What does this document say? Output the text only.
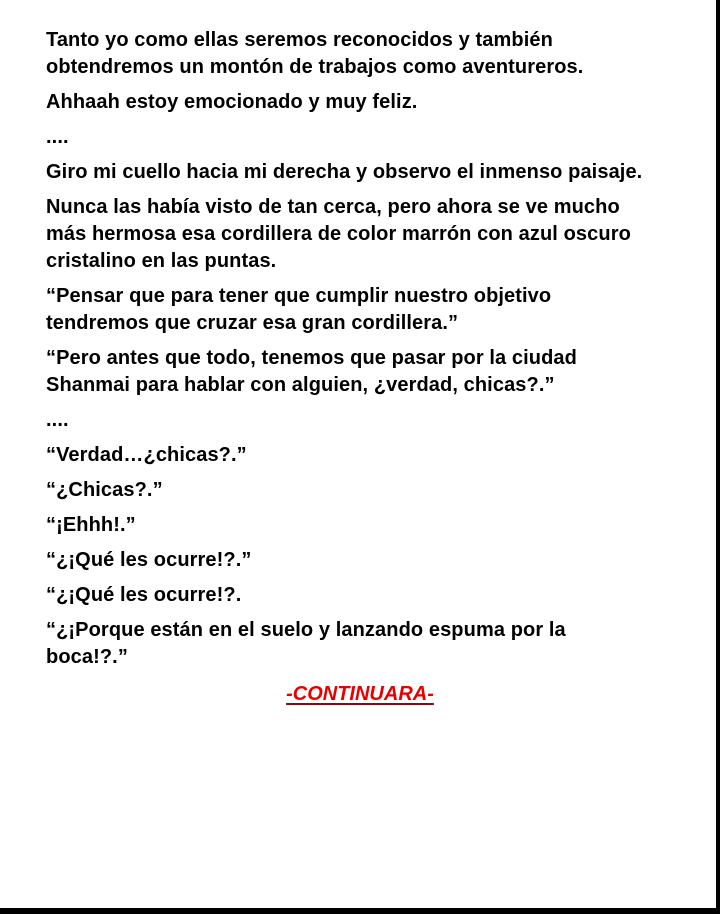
Tanto yo como ellas seremos reconocidos y también
obtendremos un montón de trabajos como aventureros.

Ahhaah estoy emocionado y muy feliz.

....

Giro mi cuello hacia mi derecha y observo el inmenso paisaje.

Nunca las había visto de tan cerca, pero ahora se ve mucho
más hermosa esa cordillera de color marrón con azul oscuro
cristalino en las puntas.

“Pensar que para tener que cumplir nuestro objetivo
tendremos que cruzar esa gran cordillera.”

“Pero antes que todo, tenemos que pasar por la ciudad
Shanmai para hablar con alguien, ¿verdad, chicas?.”

....

“Verdad…¿chicas?.”

“¿Chicas?.”

“¡Ehhh!.”

“¿¡Qué les ocurre!?.”

“¿¡Qué les ocurre!?.

“¿¡Porque están en el suelo y lanzando espuma por la
boca!?.”

-CONTINUARA-
